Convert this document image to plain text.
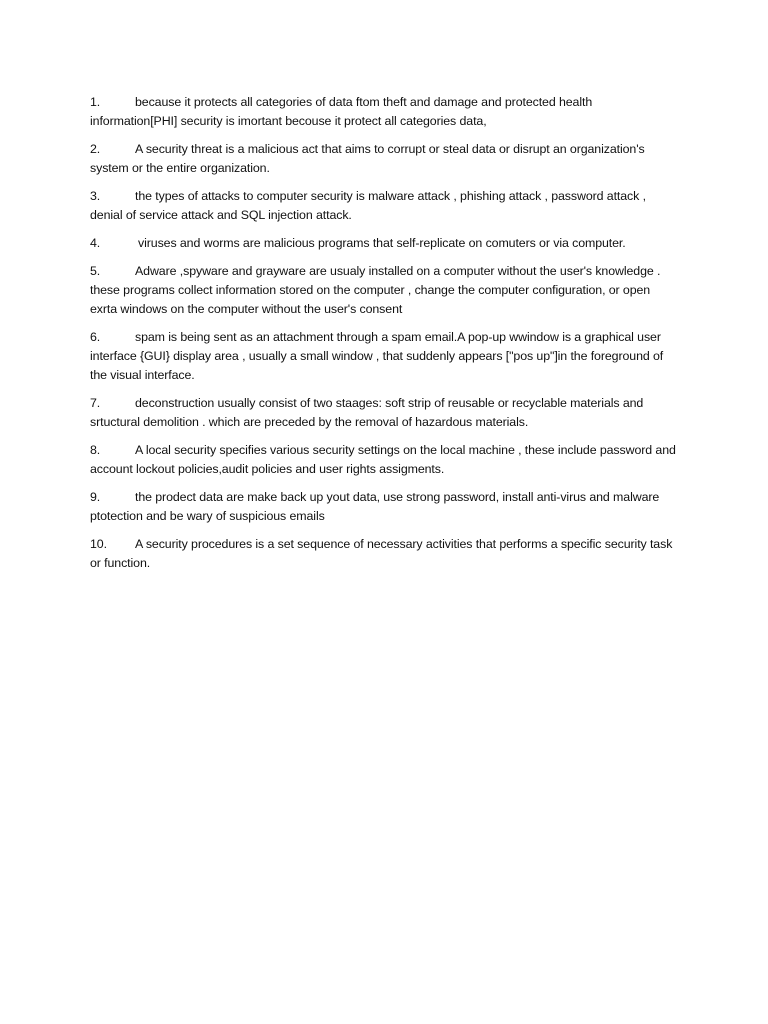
1.	because it protects all categories of data ftom theft and damage and protected health information[PHI] security is imortant becouse it protect all categories data,

2.	A security threat is a malicious act that aims to corrupt or steal data or disrupt an organization's system or the entire organization.

3.	the types of attacks to computer security is malware attack , phishing attack , password attack , denial of service attack and SQL injection attack.

4.	viruses and worms are malicious programs that self-replicate on comuters or via computer.

5.	Adware ,spyware and grayware are usualy installed on a computer without the user's knowledge . these programs collect information stored on the computer , change the computer configuration, or open exrta windows on the computer without the user's consent

6.	spam is being sent as an attachment through a spam email.A pop-up wwindow is a graphical user interface {GUI} display area , usually a small window , that suddenly appears ["pos up"]in the foreground of the visual interface.

7.	deconstruction usually consist of two staages: soft strip of reusable or recyclable materials and srtuctural demolition . which are preceded by the removal of hazardous materials.

8.	A local security specifies various security settings on the local machine , these include password and account lockout policies,audit policies and user rights assigments.

9.	the prodect data are make back up yout data, use strong password, install anti-virus and malware ptotection and be wary of suspicious emails

10. A security procedures is a set sequence of necessary activities that performs a specific security task or function.
